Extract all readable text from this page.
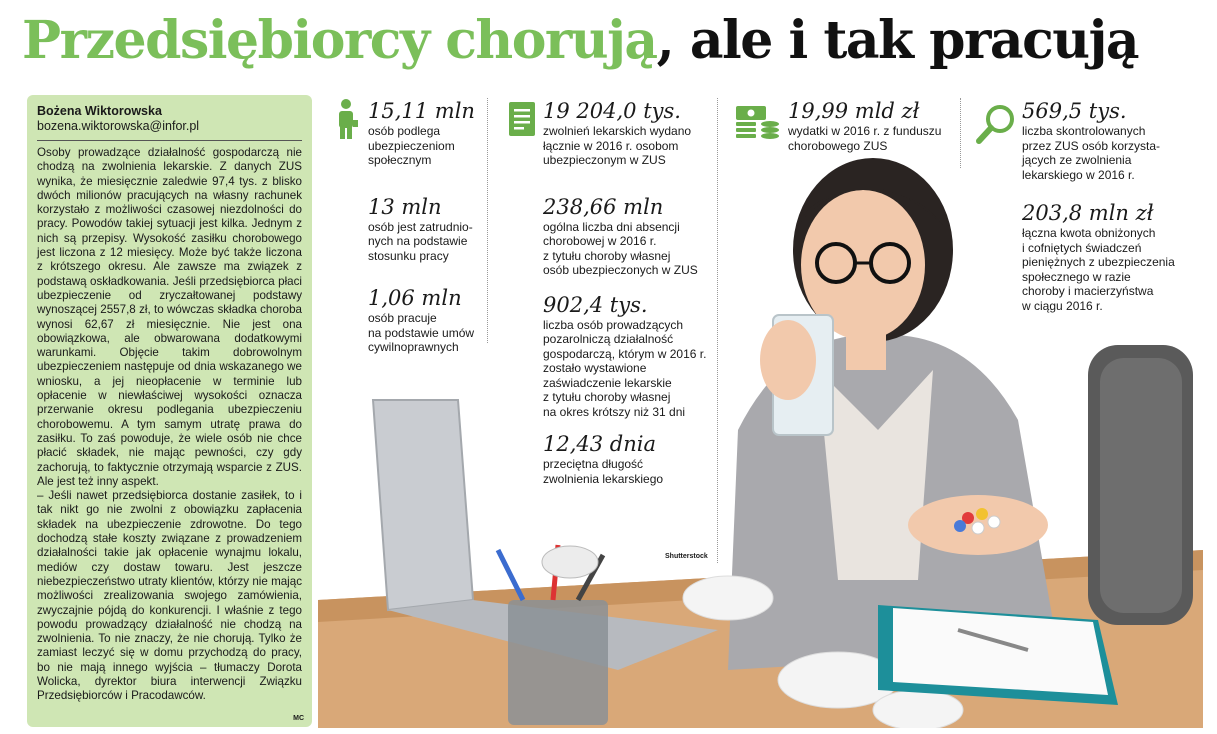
Przedsiębiorcy chorują, ale i tak pracują
Bożena Wiktorowska
bozena.wiktorowska@infor.pl

Osoby prowadzące działalność gospodarczą nie chodzą na zwolnienia lekarskie. Z danych ZUS wynika, że miesięcznie zaledwie 97,4 tys. z blisko dwóch milionów pracujących na własny rachunek korzystało z możliwości czasowej niezdolności do pracy. Powodów takiej sytuacji jest kilka. Jednym z nich są przepisy. Wysokość zasiłku chorobowego jest liczona z 12 miesięcy. Może być także liczona z krótszego okresu. Ale zawsze ma związek z podstawą oskładkowania. Jeśli przedsiębiorca płaci ubezpieczenie od zryczałtowanej podstawy wynoszącej 2557,8 zł, to wówczas składka choroba wynosi 62,67 zł miesięcznie. Nie jest ona obowiązkowa, ale obwarowana dodatkowymi warunkami. Objęcie takim dobrowolnym ubezpieczeniem następuje od dnia wskazanego we wniosku, a jej nieopłacenie w terminie lub opłacenie w niewłaściwej wysokości oznacza przerwanie okresu podlegania ubezpieczeniu chorobowemu. A tym samym utratę prawa do zasiłku. To zaś powoduje, że wiele osób nie chce płacić składek, nie mając pewności, czy gdy zachorują, to faktycznie otrzymają wsparcie z ZUS. Ale jest też inny aspekt.

– Jeśli nawet przedsiębiorca dostanie zasiłek, to i tak nikt go nie zwolni z obowiązku zapłacenia składek na ubezpieczenie zdrowotne. Do tego dochodzą stałe koszty związane z prowadzeniem działalności takie jak opłacenie wynajmu lokalu, mediów czy dostaw towaru. Jest jeszcze niebezpieczeństwo utraty klientów, którzy nie mając możliwości zrealizowania swojego zamówienia, zwyczajnie pójdą do konkurencji. I właśnie z tego powodu prowadzący działalność nie chodzą na zwolnienia. To nie znaczy, że nie chorują. Tylko że zamiast leczyć się w domu przychodzą do pracy, bo nie mają innego wyjścia – tłumaczy Dorota Wolicka, dyrektor biura interwencji Związku Przedsiębiorców i Pracodawców.

MC
Shutterstock
15,11 mln
osób podlega
ubezpieczeniom
społecznym
13 mln
osób jest zatrudnio-
nych na podstawie
stosunku pracy
1,06 mln
osób pracuje
na podstawie umów
cywilnoprawnych
19 204,0 tys.
zwolnień lekarskich wydano
łącznie w 2016 r. osobom
ubezpieczonym w ZUS
238,66 mln
ogólna liczba dni absencji
chorobowej w 2016 r.
z tytułu choroby własnej
osób ubezpieczonych w ZUS
902,4 tys.
liczba osób prowadzących
pozarolniczą działalność
gospodarczą, którym w 2016 r.
zostało wystawione
zaświadczenie lekarskie
z tytułu choroby własnej
na okres krótszy niż 31 dni
12,43 dnia
przeciętna długość
zwolnienia lekarskiego
19,99 mld zł
wydatki w 2016 r. z funduszu
chorobowego ZUS
569,5 tys.
liczba skontrolowanych
przez ZUS osób korzysta-
jących ze zwolnienia
lekarskiego w 2016 r.
203,8 mln zł
łączna kwota obniżonych
i cofniętych świadczeń
pieniężnych z ubezpieczenia
społecznego w razie
choroby i macierzyństwa
w ciągu 2016 r.
